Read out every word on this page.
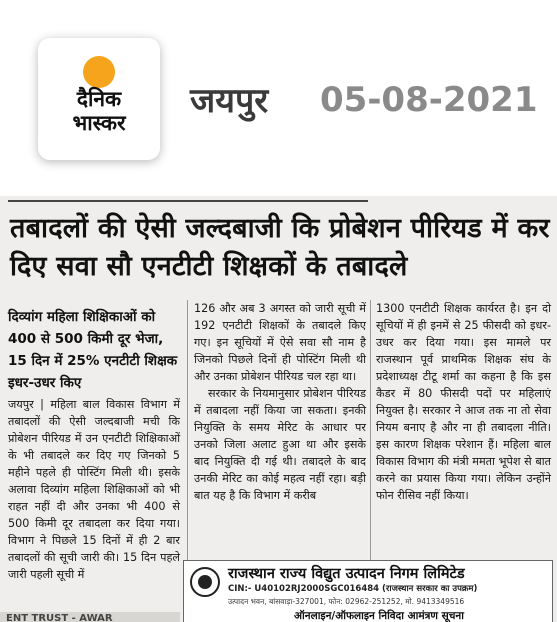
दैनिक
भास्कर
जयपुर 05-08-2021
तबादलों की ऐसी जल्दबाजी कि प्रोबेशन पीरियड में कर दिए सवा सौ एनटीटी शिक्षकों के तबादले
दिव्यांग महिला शिक्षिकाओं को 400 से 500 किमी दूर भेजा, 15 दिन में 25% एनटीटी शिक्षक इधर-उधर किए

जयपुर | महिला बाल विकास विभाग में तबादलों की ऐसी जल्दबाजी मची कि प्रोबेशन पीरियड में उन एनटीटी शिक्षिकाओं के भी तबादले कर दिए गए जिनको 5 महीने पहले ही पोस्टिंग मिली थी। इसके अलावा दिव्यांग महिला शिक्षिकाओं को भी राहत नहीं दी और उनका भी 400 से 500 किमी दूर तबादला कर दिया गया। विभाग ने पिछले 15 दिनों में ही 2 बार तबादलों की सूची जारी की। 15 दिन पहले जारी पहली सूची में

126 और अब 3 अगस्त को जारी सूची में 192 एनटीटी शिक्षकों के तबादले किए गए। इन सूचियों में ऐसे सवा सौ नाम है जिनको पिछले दिनों ही पोस्टिंग मिली थी और उनका प्रोबेशन पीरियड चल रहा था।

सरकार के नियमानुसार प्रोबेशन पीरियड में तबादला नहीं किया जा सकता। इनकी नियुक्ति के समय मेरिट के आधार पर उनको जिला अलाट हुआ था और इसके बाद नियुक्ति दी गई थी। तबादले के बाद उनकी मेरिट का कोई महत्व नहीं रहा। बड़ी बात यह है कि विभाग में करीब

1300 एनटीटी शिक्षक कार्यरत है। इन दो सूचियों में ही इनमें से 25 फीसदी को इधर-उधर कर दिया गया। इस मामले पर राजस्थान पूर्व प्राथमिक शिक्षक संघ के प्रदेशाध्यक्ष टीटू शर्मा का कहना है कि इस कैडर में 80 फीसदी पदों पर महिलाएं नियुक्त है। सरकार ने आज तक ना तो सेवा नियम बनाए है और ना ही तबादला नीति। इस कारण शिक्षक परेशान हैं। महिला बाल विकास विभाग की मंत्री ममता भूपेश से बात करने का प्रयास किया गया। लेकिन उन्होंने फोन रीसिव नहीं किया।

राजस्थान राज्य विद्युत उत्पादन निगम लिमिटेड
CIN:- U40102RJ2000SGC016484 (राजस्थान सरकार का उपक्रम)
उत्पादन भवन, बांसवाड़ा-327001, फोन: 02962-251252, मो. 9413349516
ऑनलाइन/ऑफलाइन निविदा आमंत्रण सूचना
ENT TRUST - AWAR
